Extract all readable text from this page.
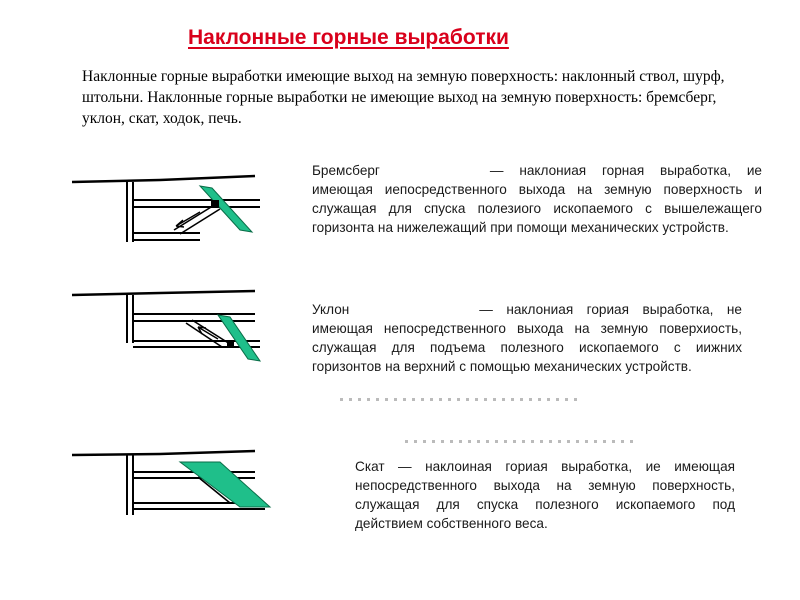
Наклонные горные выработки
Наклонные горные выработки имеющие выход на земную поверхность: наклонный ствол, шурф, штольни. Наклонные горные выработки не имеющие выход на земную поверхность: бремсберг, уклон, скат, ходок, печь.
Бремсберг	— наклониая горная выработка, ие имеющая иепосредственного выхода на земную поверхность и служащая для спуска полезиого ископаемого с вышележащего горизонта на нижележащий при помощи механических устройств.
Уклон	— наклониая гориая выработка, не имеющая непосредственного выхода на земную поверхиость, служащая для подъема полезного ископаемого с иижних горизонтов на верхний с помощью механических устройств.
Скат — наклоиная гориая выработка, ие имеющая непосредственного выхода на земную поверхность, служащая для спуска полезного ископаемого под действием собственного веса.
